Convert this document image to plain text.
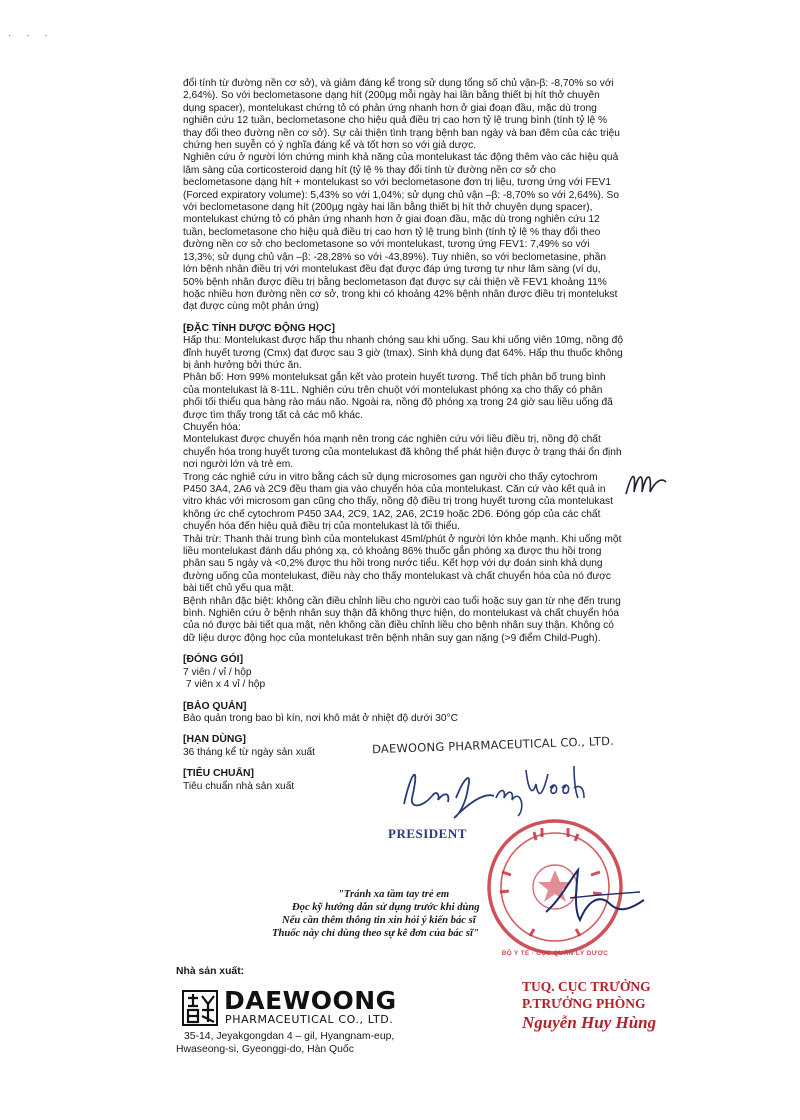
· · ·

đổi tính từ đường nền cơ sở), và giảm đáng kể trong sử dụng tổng số chủ vận-β: -8,70% so với 2,64%). So với beclometasone dạng hít (200µg mỗi ngày hai lần bằng thiết bị hít thở chuyên dụng spacer), montelukast chứng tỏ có phản ứng nhanh hơn ở giai đoạn đầu, mặc dù trong nghiên cứu 12 tuần, beclometasone cho hiệu quả điều trị cao hơn tỷ lệ trung bình (tính tỷ lệ % thay đổi theo đường nền cơ sở). Sự cải thiện tình trạng bệnh ban ngày và ban đêm của các triệu chứng hen suyễn có ý nghĩa đáng kể và tốt hơn so với giả dược.

Nghiên cứu ở người lớn chứng minh khả năng của montelukast tác động thêm vào các hiệu quả lâm sàng của corticosteroid dạng hít (tỷ lệ % thay đổi tính từ đường nền cơ sở cho beclometasone dạng hít + montelukast so với beclometasone đơn trị liệu, tương ứng với FEV1 (Forced expiratory volume): 5,43% so với 1,04%; sử dụng chủ vận –β: -8,70% so với 2,64%). So với beclometasone dạng hít (200µg ngày hai lần bằng thiết bị hít thở chuyên dụng spacer), montelukast chứng tỏ có phản ứng nhanh hơn ở giai đoạn đầu, mặc dù trong nghiên cứu 12 tuần, beclometasone cho hiệu quả điều trị cao hơn tỷ lệ trung bình (tính tỷ lệ % thay đổi theo đường nền cơ sở cho beclometasone so với montelukast, tương ứng FEV1: 7,49% so với 13,3%; sử dụng chủ vận –β: -28,28% so với -43,89%). Tuy nhiên, so với beclometasine, phần lớn bệnh nhân điều trị với montelukast đều đạt được đáp ứng tương tự như lâm sàng (ví dụ, 50% bệnh nhân được điều trị bằng beclometason đạt được sự cải thiện về FEV1 khoảng 11% hoặc nhiều hơn đường nền cơ sở, trong khi có khoảng 42% bệnh nhân được điều trị montelukst đạt được cùng một phản ứng)

[ĐẶC TÍNH DƯỢC ĐỘNG HỌC]

Hấp thu: Montelukast được hấp thu nhanh chóng sau khi uống. Sau khi uống viên 10mg, nồng độ đỉnh huyết tương (Cmx) đạt được sau 3 giờ (tmax). Sinh khả dụng đạt 64%. Hấp thu thuốc không bị ảnh hưởng bởi thức ăn.

Phân bố: Hơn 99% monteluksat gắn kết vào protein huyết tương. Thể tích phân bố trung bình của montelukast là 8-11L. Nghiên cứu trên chuột với montelukast phóng xạ cho thấy có phân phối tối thiểu qua hàng rào máu não. Ngoài ra, nồng độ phóng xạ trong 24 giờ sau liều uống đã được tìm thấy trong tất cả các mô khác.

Chuyển hóa:

Montelukast được chuyển hóa mạnh nên trong các nghiên cứu với liều điều trị, nồng độ chất chuyển hóa trong huyết tương của montelukast đã không thể phát hiện được ở trạng thái ổn định nơi người lớn và trẻ em.

Trong các nghiê cứu in vitro bằng cách sử dụng microsomes gan người cho thấy cytochrom P450 3A4, 2A6 và 2C9 đều tham gia vào chuyển hóa của montelukast. Căn cứ vào kết quả in vitro khác với microsom gan cũng cho thấy, nồng độ điều trị trong huyết tương của montelukast không ức chế cytochrom P450 3A4, 2C9, 1A2, 2A6, 2C19 hoặc 2D6. Đóng góp của các chất chuyển hóa đến hiệu quả điều trị của montelukast là tối thiểu.

Thải trừ: Thanh thải trung bình của montelukast 45ml/phút ở người lớn khỏe mạnh. Khi uống một liều montelukast đánh dấu phóng xạ, có khoảng 86% thuốc gắn phóng xạ được thu hồi trong phân sau 5 ngày và <0,2% được thu hồi trong nước tiểu. Kết hợp với dự đoán sinh khả dụng đường uống của montelukast, điều này cho thấy montelukast và chất chuyển hóa của nó được bài tiết chủ yếu qua mật.

Bệnh nhân đặc biệt: không cần điều chỉnh liều cho người cao tuổi hoặc suy gan từ nhẹ đến trung bình. Nghiên cứu ở bệnh nhân suy thận đã không thực hiện, do montelukast và chất chuyển hóa của nó được bài tiết qua mật, nên không cần điều chỉnh liều cho bệnh nhân suy thận. Không có dữ liệu dược động học của montelukast trên bệnh nhân suy gan nặng (>9 điểm Child-Pugh).

[ĐÓNG GÓI]

7 viên / vỉ / hộp

7 viên x 4 vỉ / hộp

[BẢO QUẢN]

Bảo quản trong bao bì kín, nơi khô mát ở nhiệt độ dưới 30°C

[HẠN DÙNG]

36 tháng kể từ ngày sản xuất

[TIÊU CHUẨN]

Tiêu chuẩn nhà sản xuất

DAEWOONG PHARMACEUTICAL CO., LTD.
PRESIDENT
BỘ Y TẾ · CỤC QUẢN LÝ DƯỢC

"Tránh xa tầm tay trẻ em

Đọc kỹ hướng dẫn sử dụng trước khi dùng

Nếu cần thêm thông tin xin hỏi ý kiến bác sĩ

Thuốc này chỉ dùng theo sự kê đơn của bác sĩ"

Nhà sản xuất:
DAEWOONG
PHARMACEUTICAL CO., LTD.

35-14, Jeyakgongdan 4 – gil, Hyangnam-eup,

Hwaseong-si, Gyeonggi-do, Hàn Quốc

TUQ. CỤC TRƯỞNG

P.TRƯỞNG PHÒNG

Nguyễn Huy Hùng
